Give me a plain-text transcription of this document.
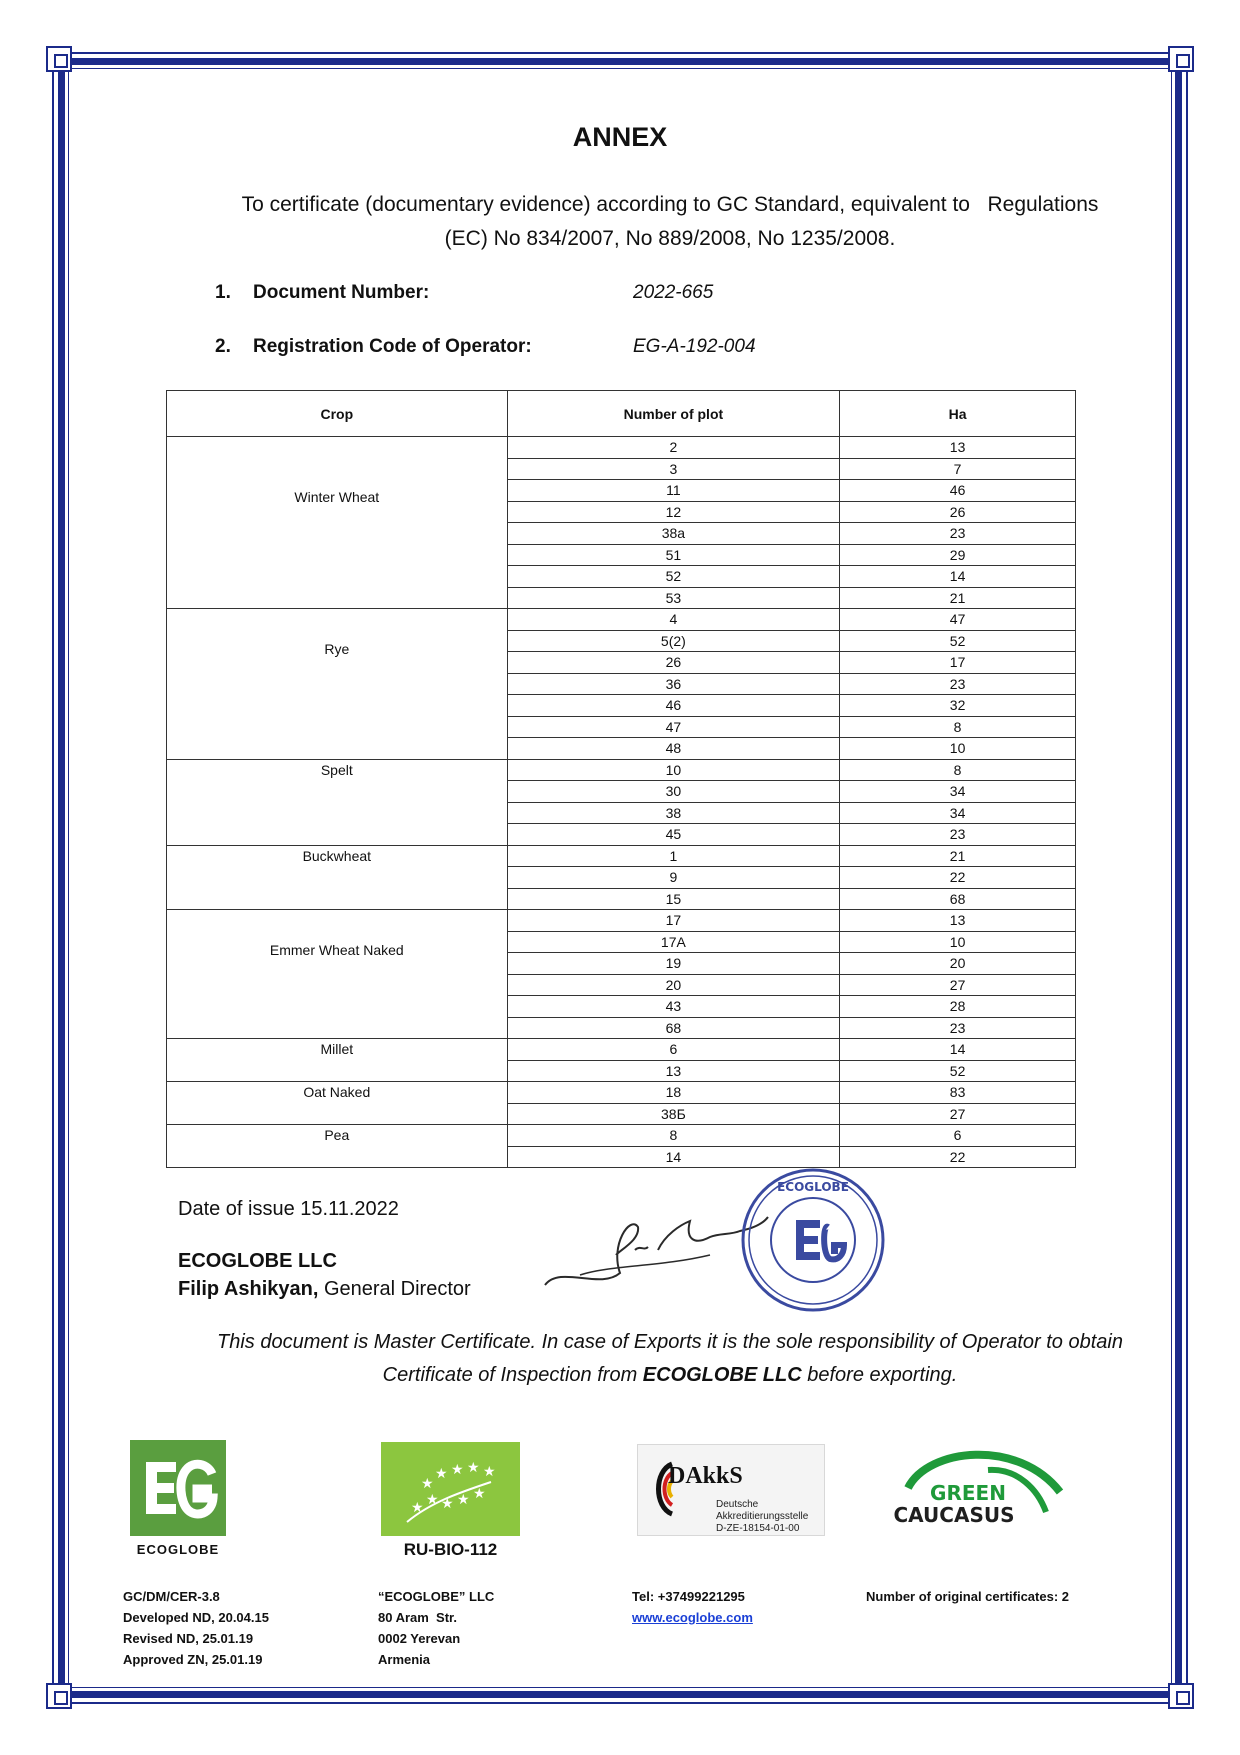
ANNEX
To certificate (documentary evidence) according to GC Standard, equivalent to   Regulations
(EC) No 834/2007, No 889/2008, No 1235/2008.
1. Document Number:	2022-665
2. Registration Code of Operator:	EG-A-192-004
Crop	Number of plot	Ha

Winter Wheat	2	13
	3	7
	11	46
	12	26
	38a	23
	51	29
	52	14
	53	21

Rye	4	47
	5(2)	52
	26	17
	36	23
	46	32
	47	8
	48	10

Spelt	10	8
	30	34
	38	34
	45	23

Buckwheat	1	21
	9	22
	15	68

Emmer Wheat Naked	17	13
	17A	10
	19	20
	20	27
	43	28
	68	23

Millet	6	14
	13	52

Oat Naked	18	83
	38Б	27

Pea	8	6
	14	22
Date of issue 15.11.2022
ECOGLOBE LLC
Filip Ashikyan, General Director
ECOGLOBE
This document is Master Certificate. In case of Exports it is the sole responsibility of Operator to obtain Certificate of Inspection from ECOGLOBE LLC before exporting.
ECOGLOBE
★ ★ ★ ★ ★
★ ★ ★ ★
★
RU-BIO-112
DAkkS
Deutsche
Akkreditierungsstelle
D-ZE-18154-01-00
GREEN
CAUCASUS
GC/DM/CER-3.8
Developed ND, 20.04.15
Revised ND, 25.01.19
Approved ZN, 25.01.19
“ECOGLOBE” LLC
80 Aram  Str.
0002 Yerevan
Armenia
Tel: +37499221295
www.ecoglobe.com
Number of original certificates: 2
